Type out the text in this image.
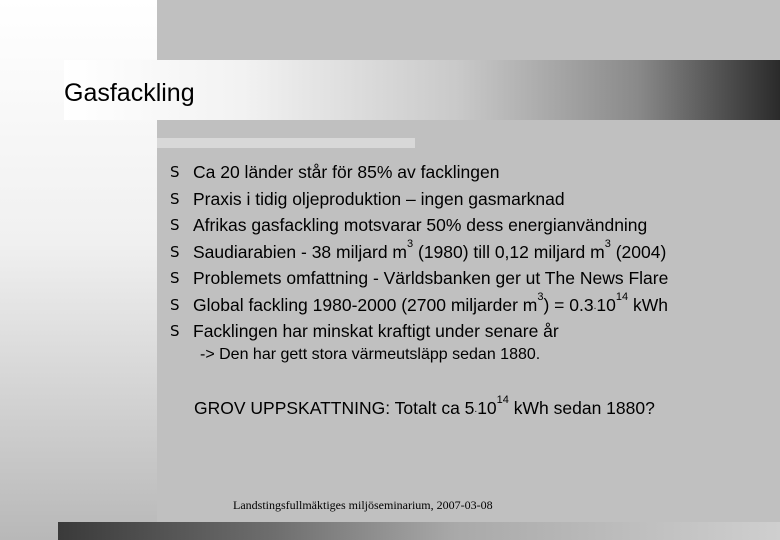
Gasfackling
S Ca 20 länder står för 85% av facklingen
S Praxis i tidig oljeproduktion – ingen gasmarknad
S Afrikas gasfackling motsvarar 50% dess energianvändning
S Saudiarabien - 38 miljard $m^3$ (1980) till 0,12 miljard $m^3$ (2004)
S Problemets omfattning - Världsbanken ger ut The News Flare
S Global fackling 1980-2000 (2700 miljarder $m^3) = 0.3.10^{14}$ kWh
S Facklingen har minskat kraftigt under senare år
-> Den har gett stora värmeutsläpp sedan 1880.
GROV UPPSKATTNING: Totalt ca 5.10$^{14}$ kWh sedan 1880?
Landstingsfullmäktiges miljöseminarium, 2007-03-08
